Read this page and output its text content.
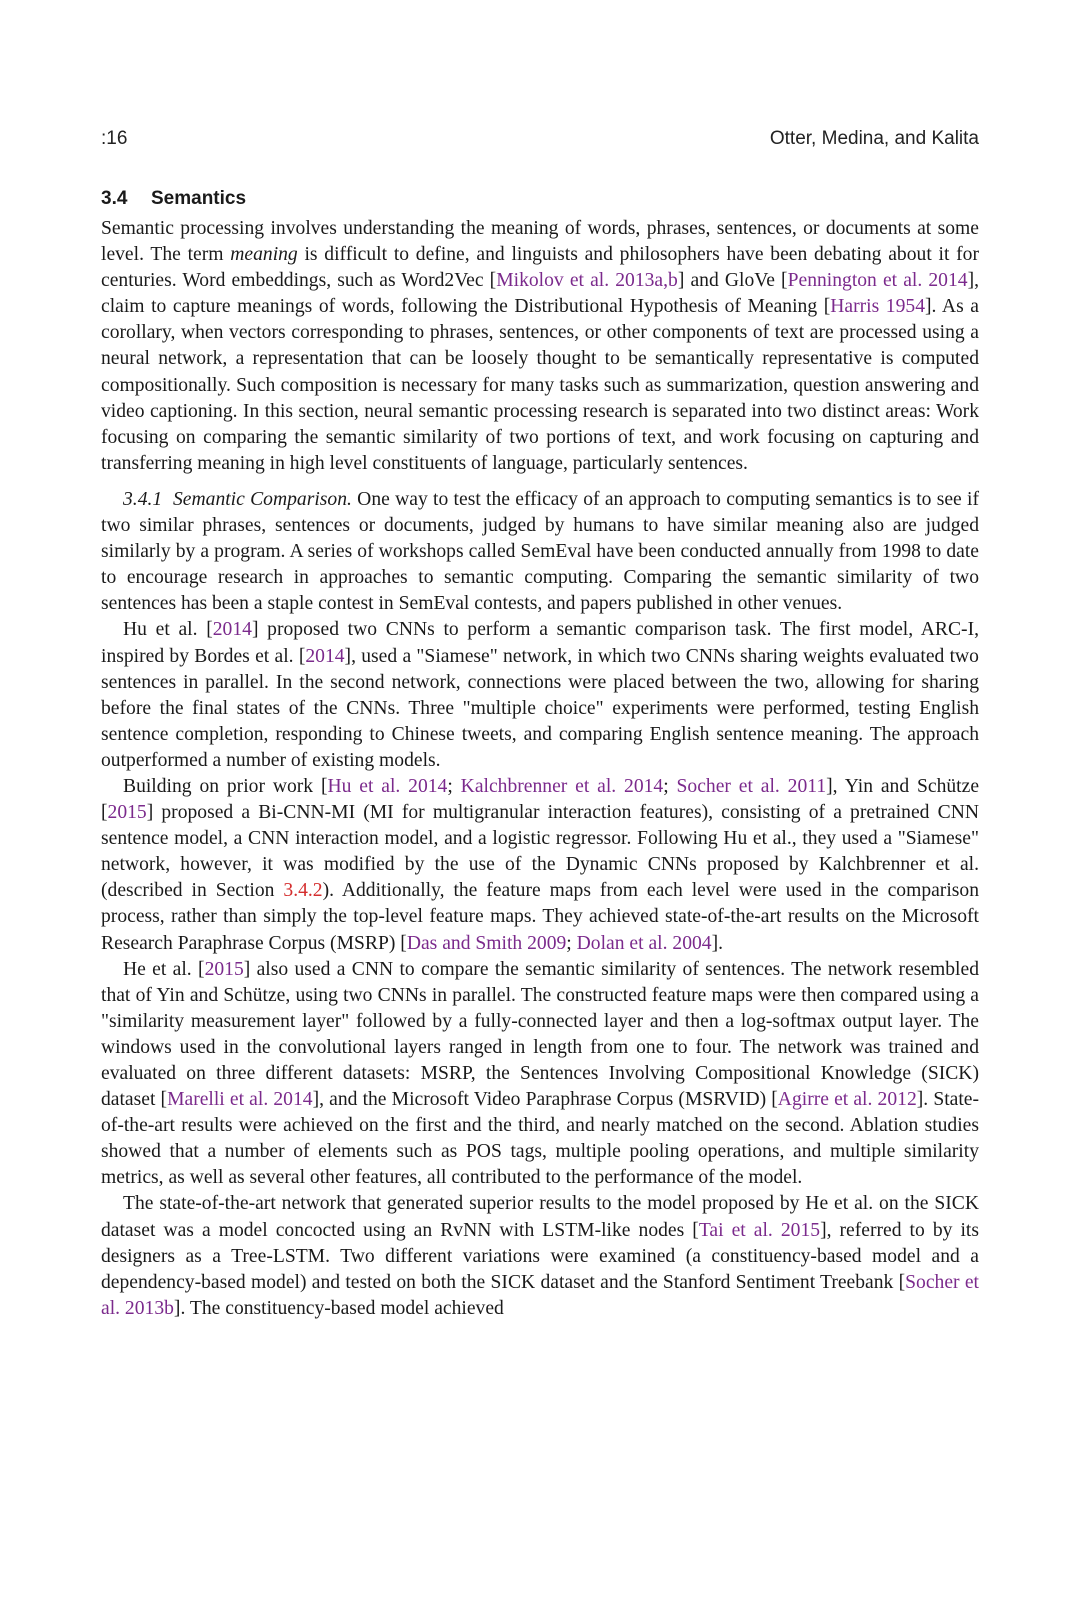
:16	Otter, Medina, and Kalita
3.4 Semantics

Semantic processing involves understanding the meaning of words, phrases, sentences, or documents at some level. The term meaning is difficult to define, and linguists and philosophers have been debating about it for centuries. Word embeddings, such as Word2Vec [Mikolov et al. 2013a,b] and GloVe [Pennington et al. 2014], claim to capture meanings of words, following the Distributional Hypothesis of Meaning [Harris 1954]. As a corollary, when vectors corresponding to phrases, sentences, or other components of text are processed using a neural network, a representation that can be loosely thought to be semantically representative is computed compositionally. Such composition is necessary for many tasks such as summarization, question answering and video captioning. In this section, neural semantic processing research is separated into two distinct areas: Work focusing on comparing the semantic similarity of two portions of text, and work focusing on capturing and transferring meaning in high level constituents of language, particularly sentences.

3.4.1 Semantic Comparison. One way to test the efficacy of an approach to computing semantics is to see if two similar phrases, sentences or documents, judged by humans to have similar meaning also are judged similarly by a program. A series of workshops called SemEval have been conducted annually from 1998 to date to encourage research in approaches to semantic computing. Comparing the semantic similarity of two sentences has been a staple contest in SemEval contests, and papers published in other venues.

Hu et al. [2014] proposed two CNNs to perform a semantic comparison task. The first model, ARC-I, inspired by Bordes et al. [2014], used a "Siamese" network, in which two CNNs sharing weights evaluated two sentences in parallel. In the second network, connections were placed between the two, allowing for sharing before the final states of the CNNs. Three "multiple choice" experiments were performed, testing English sentence completion, responding to Chinese tweets, and comparing English sentence meaning. The approach outperformed a number of existing models.

Building on prior work [Hu et al. 2014; Kalchbrenner et al. 2014; Socher et al. 2011], Yin and Schütze [2015] proposed a Bi-CNN-MI (MI for multigranular interaction features), consisting of a pretrained CNN sentence model, a CNN interaction model, and a logistic regressor. Following Hu et al., they used a "Siamese" network, however, it was modified by the use of the Dynamic CNNs proposed by Kalchbrenner et al. (described in Section 3.4.2). Additionally, the feature maps from each level were used in the comparison process, rather than simply the top-level feature maps. They achieved state-of-the-art results on the Microsoft Research Paraphrase Corpus (MSRP) [Das and Smith 2009; Dolan et al. 2004].

He et al. [2015] also used a CNN to compare the semantic similarity of sentences. The network resembled that of Yin and Schütze, using two CNNs in parallel. The constructed feature maps were then compared using a "similarity measurement layer" followed by a fully-connected layer and then a log-softmax output layer. The windows used in the convolutional layers ranged in length from one to four. The network was trained and evaluated on three different datasets: MSRP, the Sentences Involving Compositional Knowledge (SICK) dataset [Marelli et al. 2014], and the Microsoft Video Paraphrase Corpus (MSRVID) [Agirre et al. 2012]. State-of-the-art results were achieved on the first and the third, and nearly matched on the second. Ablation studies showed that a number of elements such as POS tags, multiple pooling operations, and multiple similarity metrics, as well as several other features, all contributed to the performance of the model.

The state-of-the-art network that generated superior results to the model proposed by He et al. on the SICK dataset was a model concocted using an RvNN with LSTM-like nodes [Tai et al. 2015], referred to by its designers as a Tree-LSTM. Two different variations were examined (a constituency-based model and a dependency-based model) and tested on both the SICK dataset and the Stanford Sentiment Treebank [Socher et al. 2013b]. The constituency-based model achieved
